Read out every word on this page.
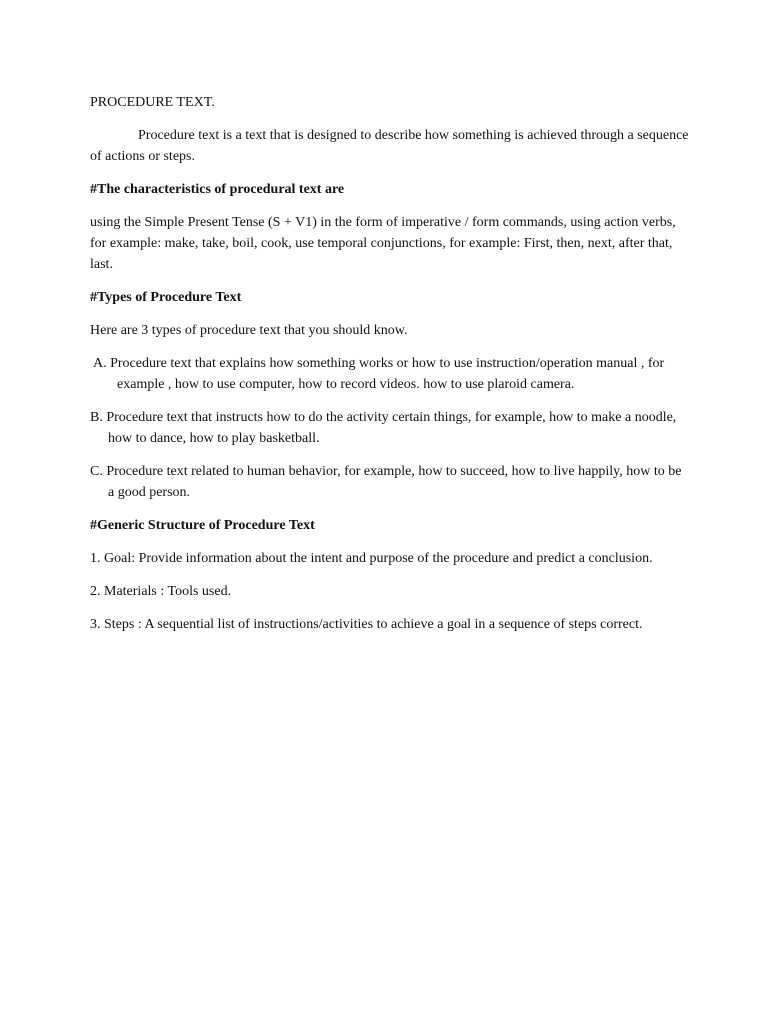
PROCEDURE TEXT.

Procedure text is a text that is designed to describe how something is achieved through a sequence of actions or steps.

#The characteristics of procedural text are

using the Simple Present Tense (S + V1) in the form of imperative / form commands, using action verbs, for example: make, take, boil, cook, use temporal conjunctions, for example: First, then, next, after that, last.

#Types of Procedure Text

Here are 3 types of procedure text that you should know.

A. Procedure text that explains how something works or how to use instruction/operation manual , for example , how to use computer, how to record videos. how to use plaroid camera.

B. Procedure text that instructs how to do the activity certain things, for example, how to make a noodle, how to dance, how to play basketball.

C. Procedure text related to human behavior, for example, how to succeed, how to live happily, how to be a good person.

#Generic Structure of Procedure Text

1. Goal: Provide information about the intent and purpose of the procedure and predict a conclusion.

2. Materials : Tools used.

3. Steps : A sequential list of instructions/activities to achieve a goal in a sequence of steps correct.
